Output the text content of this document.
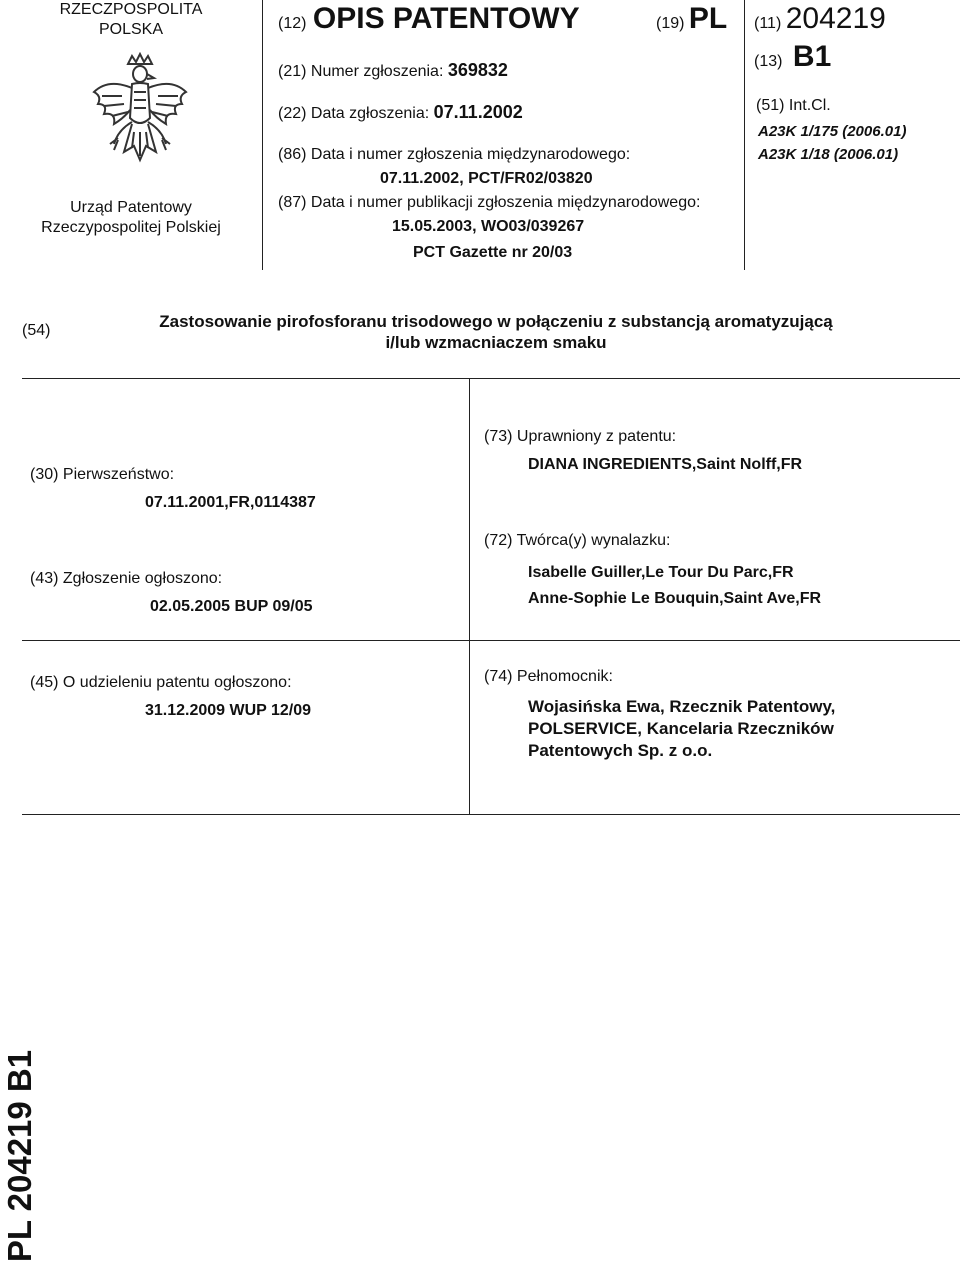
RZECZPOSPOLITA
POLSKA
Urząd Patentowy
Rzeczypospolitej Polskiej
(12) OPIS PATENTOWY	(19) PL
(21) Numer zgłoszenia: 369832
(22) Data zgłoszenia: 07.11.2002
(86) Data i numer zgłoszenia międzynarodowego:
07.11.2002, PCT/FR02/03820
(87) Data i numer publikacji zgłoszenia międzynarodowego:
15.05.2003, WO03/039267
PCT Gazette nr 20/03
(11) 204219
(13) B1
(51) Int.Cl.
A23K 1/175 (2006.01)
A23K 1/18 (2006.01)
(54)	Zastosowanie pirofosforanu trisodowego w połączeniu z substancją aromatyzującą
i/lub wzmacniaczem smaku
(30) Pierwszeństwo:
07.11.2001,FR,0114387
(43) Zgłoszenie ogłoszono:
02.05.2005 BUP 09/05
(73) Uprawniony z patentu:
DIANA INGREDIENTS,Saint Nolff,FR
(72) Twórca(y) wynalazku:
Isabelle Guiller,Le Tour Du Parc,FR
Anne-Sophie Le Bouquin,Saint Ave,FR
(45) O udzieleniu patentu ogłoszono:
31.12.2009 WUP 12/09
(74) Pełnomocnik:
Wojasińska Ewa, Rzecznik Patentowy,
POLSERVICE, Kancelaria Rzeczników
Patentowych Sp. z o.o.
PL 204219 B1
